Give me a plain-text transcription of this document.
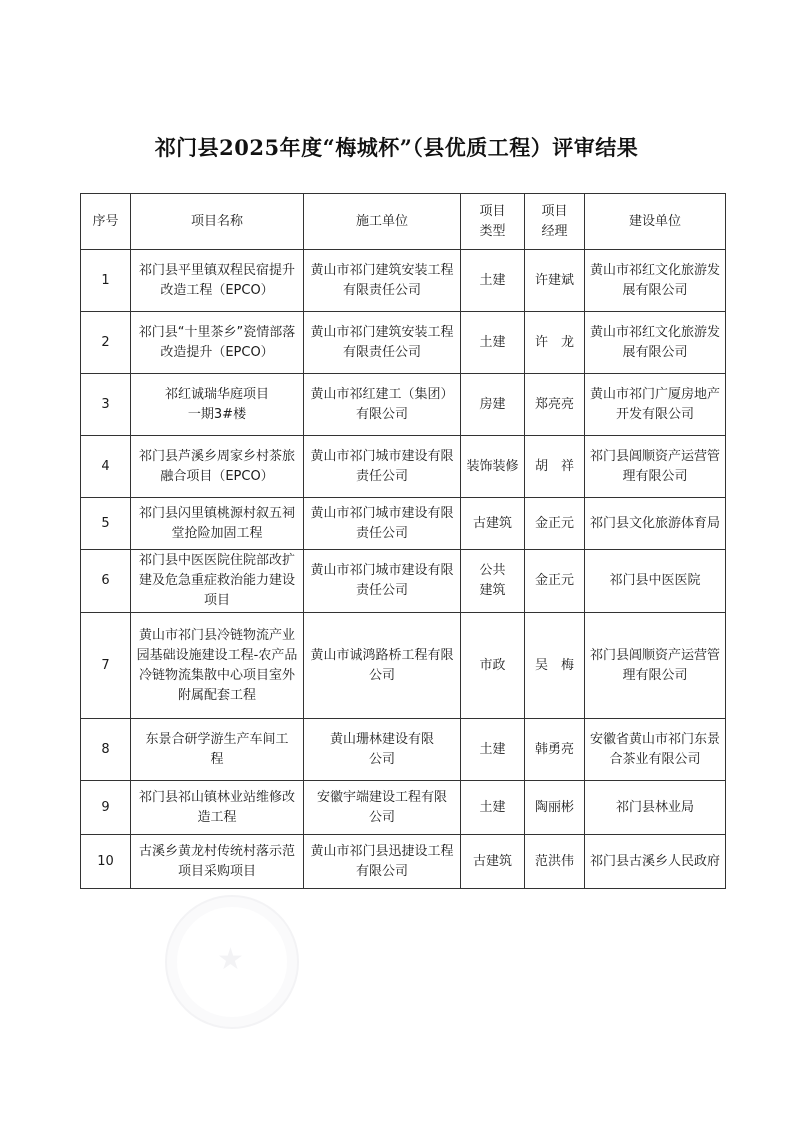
祁门县2025年度“梅城杯”（县优质工程）评审结果
序号	项目名称	施工单位	项目类型	项目经理	建设单位
1	祁门县平里镇双程民宿提升改造工程（EPCO）	黄山市祁门建筑安装工程有限责任公司	土建	许建斌	黄山市祁红文化旅游发展有限公司
2	祁门县“十里茶乡”瓷情部落改造提升（EPCO）	黄山市祁门建筑安装工程有限责任公司	土建	许　龙	黄山市祁红文化旅游发展有限公司
3	祁红诚瑞华庭项目一期3#楼	黄山市祁红建工（集团）有限公司	房建	郑亮亮	黄山市祁门广厦房地产开发有限公司
4	祁门县芦溪乡周家乡村茶旅融合项目（EPCO）	黄山市祁门城市建设有限责任公司	装饰装修	胡　祥	祁门县阊顺资产运营管理有限公司
5	祁门县闪里镇桃源村叙五祠堂抢险加固工程	黄山市祁门城市建设有限责任公司	古建筑	金正元	祁门县文化旅游体育局
6	祁门县中医医院住院部改扩建及危急重症救治能力建设项目	黄山市祁门城市建设有限责任公司	公共建筑	金正元	祁门县中医医院
7	黄山市祁门县冷链物流产业园基础设施建设工程-农产品冷链物流集散中心项目室外附属配套工程	黄山市诚鸿路桥工程有限公司	市政	吴　梅	祁门县阊顺资产运营管理有限公司
8	东景合研学游生产车间工程	黄山珊林建设有限公司	土建	韩勇亮	安徽省黄山市祁门东景合茶业有限公司
9	祁门县祁山镇林业站维修改造工程	安徽宇端建设工程有限公司	土建	陶丽彬	祁门县林业局
10	古溪乡黄龙村传统村落示范项目采购项目	黄山市祁门县迅捷设工程有限公司	古建筑	范洪伟	祁门县古溪乡人民政府
★
